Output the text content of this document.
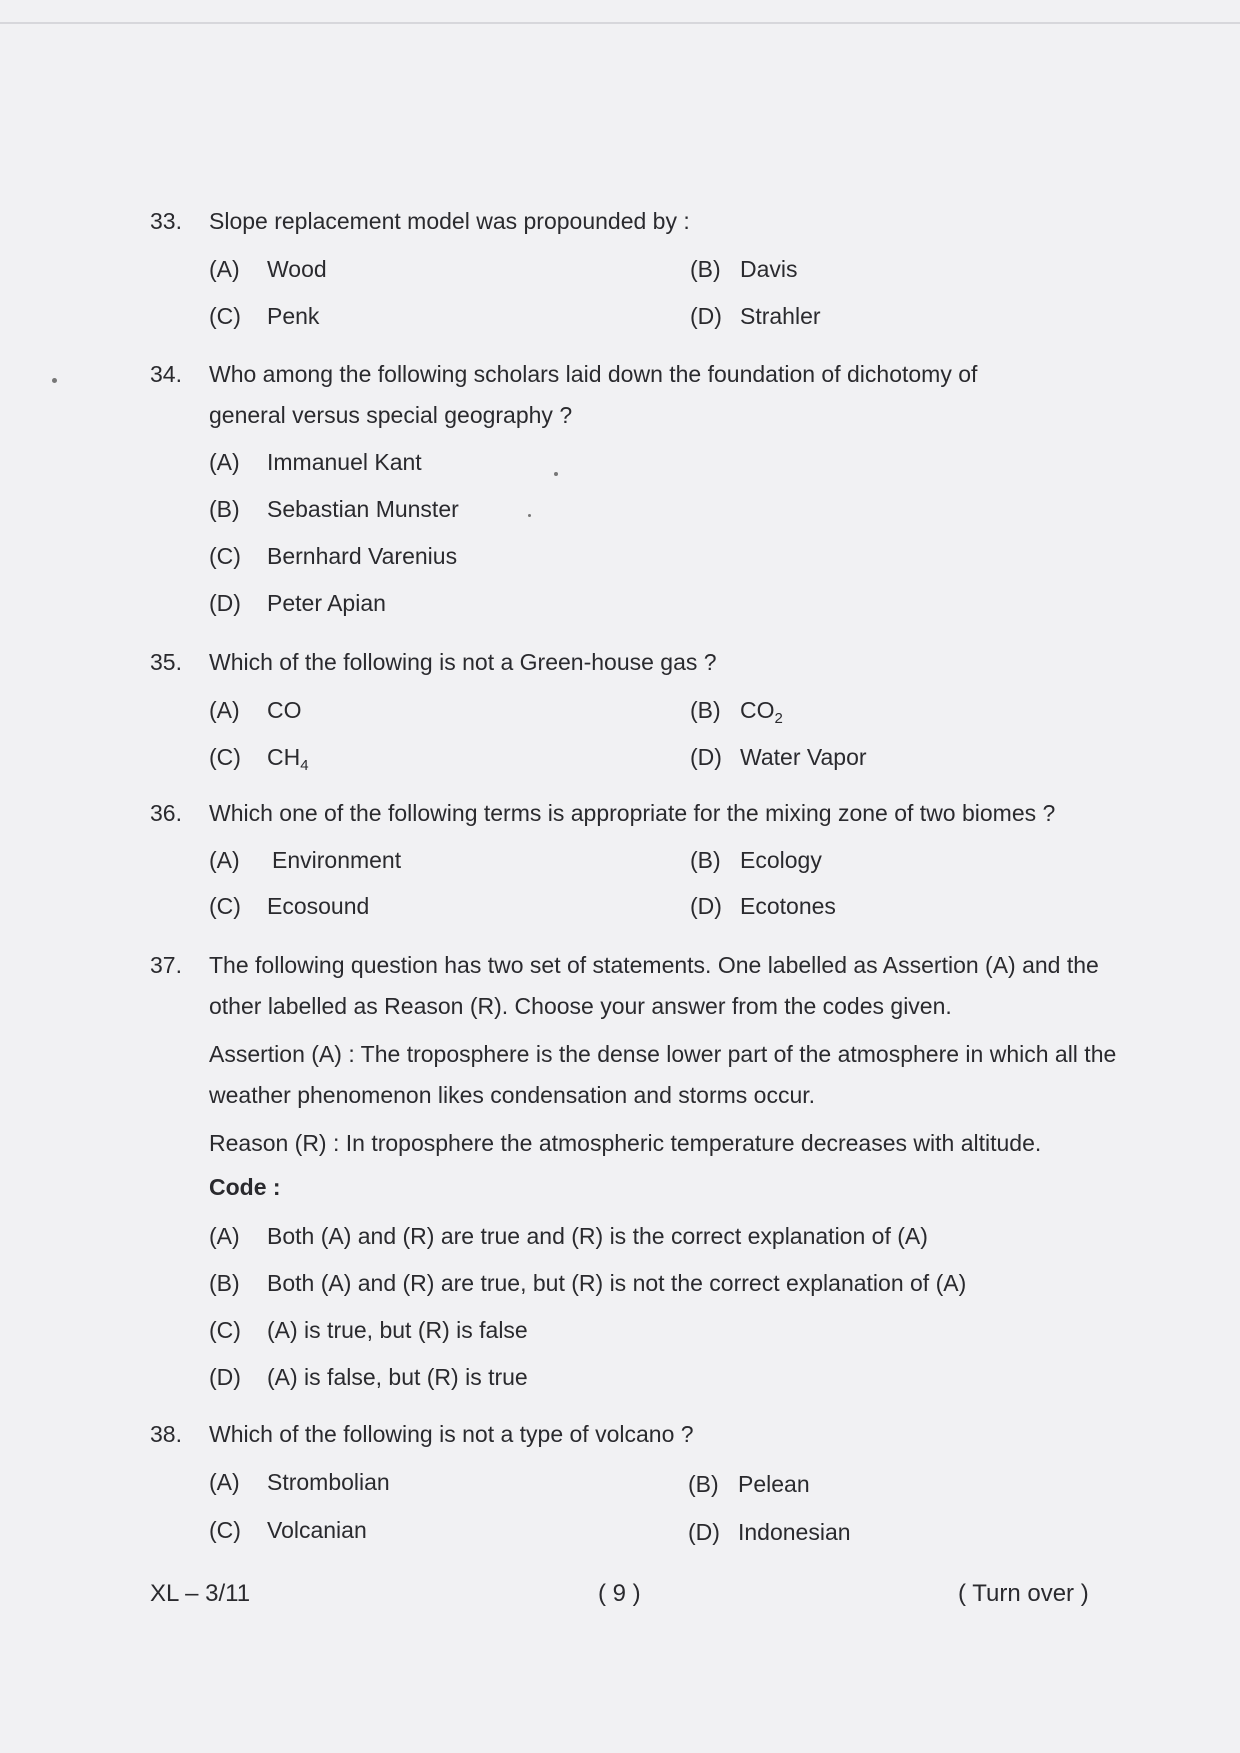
33. Slope replacement model was propounded by :
(A) Wood	(B) Davis
(C) Penk	(D) Strahler
34. Who among the following scholars laid down the foundation of dichotomy of general versus special geography ?
(A) Immanuel Kant
(B) Sebastian Munster
(C) Bernhard Varenius
(D) Peter Apian
35. Which of the following is not a Green-house gas ?
(A) CO	(B) $CO_2$
(C) $CH_4$	(D) Water Vapor
36. Which one of the following terms is appropriate for the mixing zone of two biomes ?
(A) Environment	(B) Ecology
(C) Ecosound	(D) Ecotones
37. The following question has two set of statements. One labelled as Assertion (A) and the other labelled as Reason (R). Choose your answer from the codes given.
Assertion (A) : The troposphere is the dense lower part of the atmosphere in which all the weather phenomenon likes condensation and storms occur.
Reason (R) : In troposphere the atmospheric temperature decreases with altitude.
Code :
(A) Both (A) and (R) are true and (R) is the correct explanation of (A)
(B) Both (A) and (R) are true, but (R) is not the correct explanation of (A)
(C) (A) is true, but (R) is false
(D) (A) is false, but (R) is true
38. Which of the following is not a type of volcano ?
(A) Strombolian	(B) Pelean
(C) Volcanian	(D) Indonesian
XL – 3/11	( 9 )	( Turn over )
